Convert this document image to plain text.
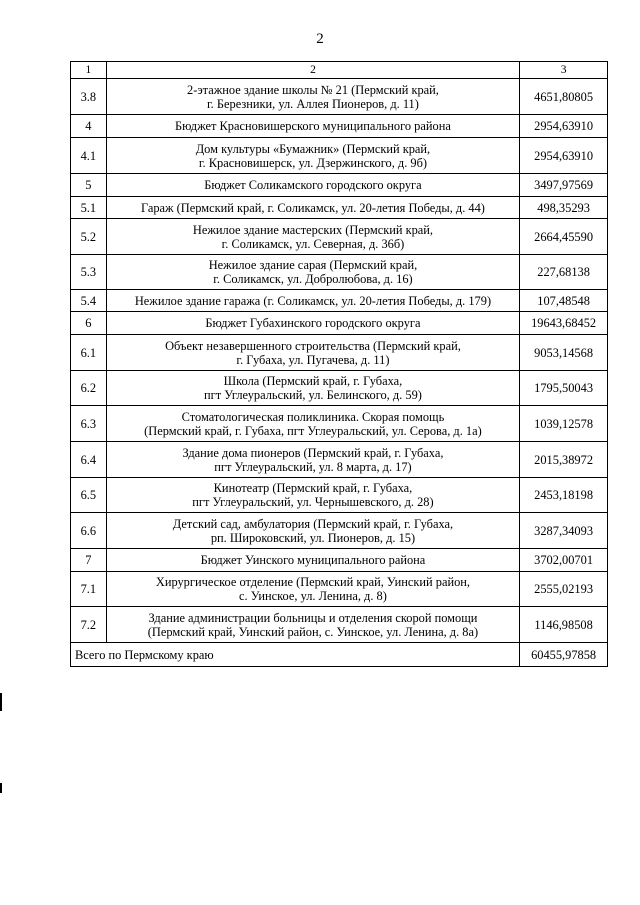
2
1	2	3
3.8	2-этажное здание школы № 21 (Пермский край,
г. Березники, ул. Аллея Пионеров, д. 11)	4651,80805
4	Бюджет Красновишерского муниципального района	2954,63910
4.1	Дом культуры «Бумажник» (Пермский край,
г. Красновишерск, ул. Дзержинского, д. 9б)	2954,63910
5	Бюджет Соликамского городского округа	3497,97569
5.1	Гараж (Пермский край, г. Соликамск, ул. 20-летия Победы, д. 44)	498,35293
5.2	Нежилое здание мастерских (Пермский край,
г. Соликамск, ул. Северная, д. 36б)	2664,45590
5.3	Нежилое здание сарая (Пермский край,
г. Соликамск, ул. Добролюбова, д. 16)	227,68138
5.4	Нежилое здание гаража (г. Соликамск, ул. 20-летия Победы, д. 179)	107,48548
6	Бюджет Губахинского городского округа	19643,68452
6.1	Объект незавершенного строительства (Пермский край,
г. Губаха, ул. Пугачева, д. 11)	9053,14568
6.2	Школа (Пермский край, г. Губаха,
пгт Углеуральский, ул. Белинского, д. 59)	1795,50043
6.3	Стоматологическая поликлиника. Скорая помощь
(Пермский край, г. Губаха, пгт Углеуральский, ул. Серова, д. 1а)	1039,12578
6.4	Здание дома пионеров (Пермский край, г. Губаха,
пгт Углеуральский, ул. 8 марта, д. 17)	2015,38972
6.5	Кинотеатр (Пермский край, г. Губаха,
пгт Углеуральский, ул. Чернышевского, д. 28)	2453,18198
6.6	Детский сад, амбулатория (Пермский край, г. Губаха,
рп. Широковский, ул. Пионеров, д. 15)	3287,34093
7	Бюджет Уинского муниципального района	3702,00701
7.1	Хирургическое отделение (Пермский край, Уинский район,
с. Уинское, ул. Ленина, д. 8)	2555,02193
7.2	Здание администрации больницы и отделения скорой помощи
(Пермский край, Уинский район, с. Уинское, ул. Ленина, д. 8а)	1146,98508
Всего по Пермскому краю		60455,97858
